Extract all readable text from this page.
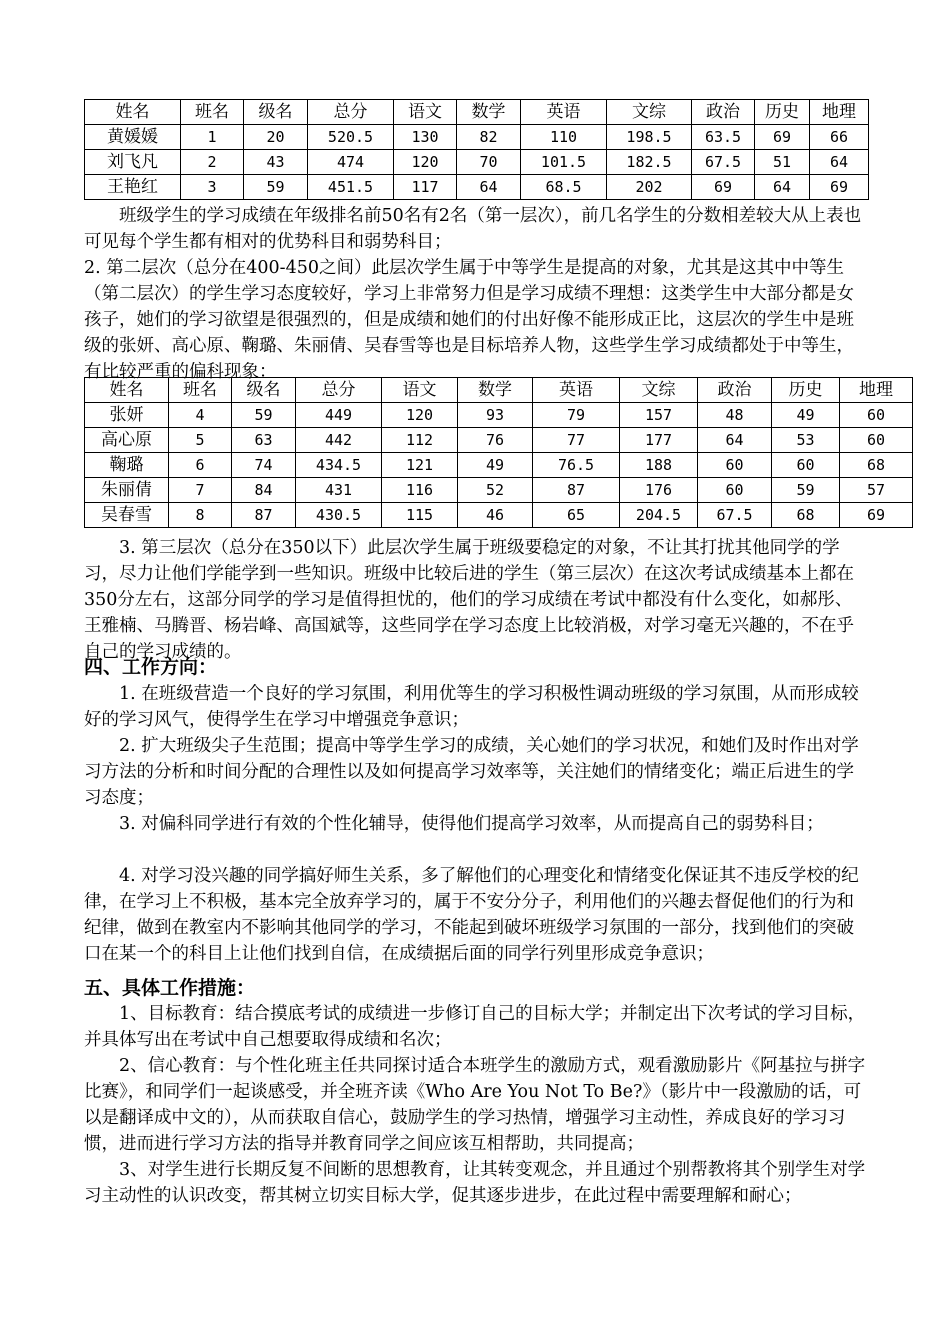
姓名	班名	级名	总分	语文	数学	英语	文综	政治	历史	地理
黄媛媛	1	20	520.5	130	82	110	198.5	63.5	69	66
刘飞凡	2	43	474	120	70	101.5	182.5	67.5	51	64
王艳红	3	59	451.5	117	64	68.5	202	69	64	69

班级学生的学习成绩在年级排名前50名有2名（第一层次），前几名学生的分数相差较大从上表也可见每个学生都有相对的优势科目和弱势科目；

2. 第二层次（总分在400-450之间）此层次学生属于中等学生是提高的对象，尤其是这其中中等生（第二层次）的学生学习态度较好，学习上非常努力但是学习成绩不理想：这类学生中大部分都是女孩子，她们的学习欲望是很强烈的，但是成绩和她们的付出好像不能形成正比，这层次的学生中是班级的张妍、高心原、鞠璐、朱丽倩、吴春雪等也是目标培养人物，这些学生学习成绩都处于中等生，有比较严重的偏科现象：

姓名	班名	级名	总分	语文	数学	英语	文综	政治	历史	地理
张妍	4	59	449	120	93	79	157	48	49	60
高心原	5	63	442	112	76	77	177	64	53	60
鞠璐	6	74	434.5	121	49	76.5	188	60	60	68
朱丽倩	7	84	431	116	52	87	176	60	59	57
吴春雪	8	87	430.5	115	46	65	204.5	67.5	68	69

3. 第三层次（总分在350以下）此层次学生属于班级要稳定的对象，不让其打扰其他同学的学习，尽力让他们学能学到一些知识。班级中比较后进的学生（第三层次）在这次考试成绩基本上都在350分左右，这部分同学的学习是值得担忧的，他们的学习成绩在考试中都没有什么变化，如郝彤、王雅楠、马腾晋、杨岩峰、高国斌等，这些同学在学习态度上比较消极，对学习毫无兴趣的，不在乎自己的学习成绩的。

四、工作方向：

1. 在班级营造一个良好的学习氛围，利用优等生的学习积极性调动班级的学习氛围，从而形成较好的学习风气，使得学生在学习中增强竞争意识；

2. 扩大班级尖子生范围；提高中等学生学习的成绩，关心她们的学习状况，和她们及时作出对学习方法的分析和时间分配的合理性以及如何提高学习效率等，关注她们的情绪变化；端正后进生的学习态度；

3. 对偏科同学进行有效的个性化辅导，使得他们提高学习效率，从而提高自己的弱势科目；

4. 对学习没兴趣的同学搞好师生关系，多了解他们的心理变化和情绪变化保证其不违反学校的纪律，在学习上不积极，基本完全放弃学习的，属于不安分分子，利用他们的兴趣去督促他们的行为和纪律，做到在教室内不影响其他同学的学习，不能起到破坏班级学习氛围的一部分，找到他们的突破口在某一个的科目上让他们找到自信，在成绩据后面的同学行列里形成竞争意识；

五、具体工作措施：

1、目标教育：结合摸底考试的成绩进一步修订自己的目标大学；并制定出下次考试的学习目标，并具体写出在考试中自己想要取得成绩和名次；

2、信心教育：与个性化班主任共同探讨适合本班学生的激励方式，观看激励影片《阿基拉与拼字比赛》，和同学们一起谈感受，并全班齐读《Who Are You Not To Be?》（影片中一段激励的话，可以是翻译成中文的），从而获取自信心，鼓励学生的学习热情，增强学习主动性，养成良好的学习习惯，进而进行学习方法的指导并教育同学之间应该互相帮助，共同提高；

3、对学生进行长期反复不间断的思想教育，让其转变观念，并且通过个别帮教将其个别学生对学习主动性的认识改变，帮其树立切实目标大学，促其逐步进步，在此过程中需要理解和耐心；
